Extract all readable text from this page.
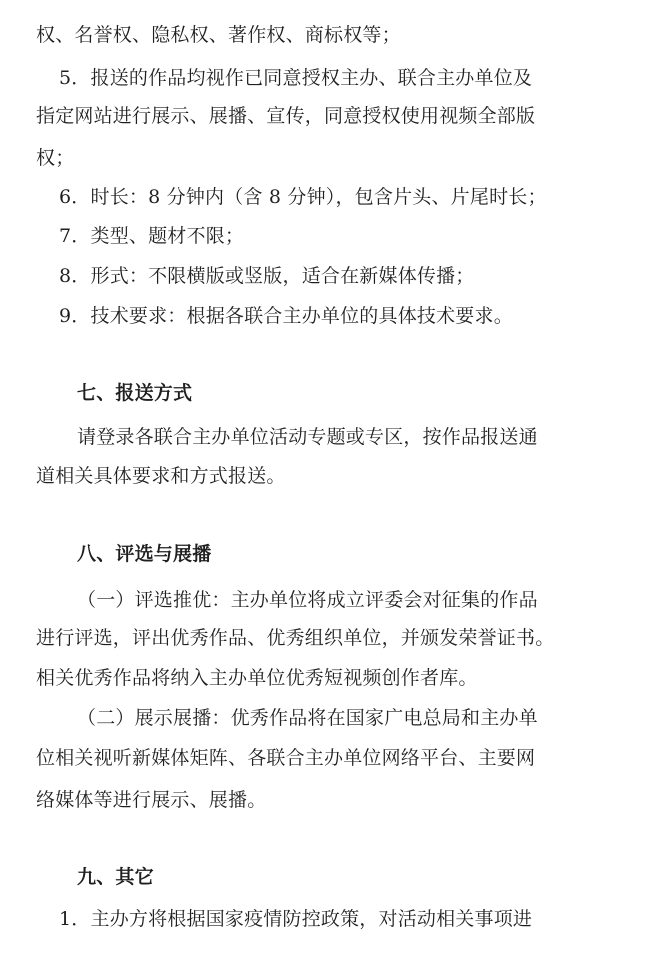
权、名誉权、隐私权、著作权、商标权等；
5．报送的作品均视作已同意授权主办、联合主办单位及
指定网站进行展示、展播、宣传，同意授权使用视频全部版
权；
6．时长：8 分钟内（含 8 分钟），包含片头、片尾时长；
7．类型、题材不限；
8．形式：不限横版或竖版，适合在新媒体传播；
9．技术要求：根据各联合主办单位的具体技术要求。
七、报送方式
请登录各联合主办单位活动专题或专区，按作品报送通
道相关具体要求和方式报送。
八、评选与展播
（一）评选推优：主办单位将成立评委会对征集的作品
进行评选，评出优秀作品、优秀组织单位，并颁发荣誉证书。
相关优秀作品将纳入主办单位优秀短视频创作者库。
（二）展示展播：优秀作品将在国家广电总局和主办单
位相关视听新媒体矩阵、各联合主办单位网络平台、主要网
络媒体等进行展示、展播。
九、其它
1．主办方将根据国家疫情防控政策，对活动相关事项进
